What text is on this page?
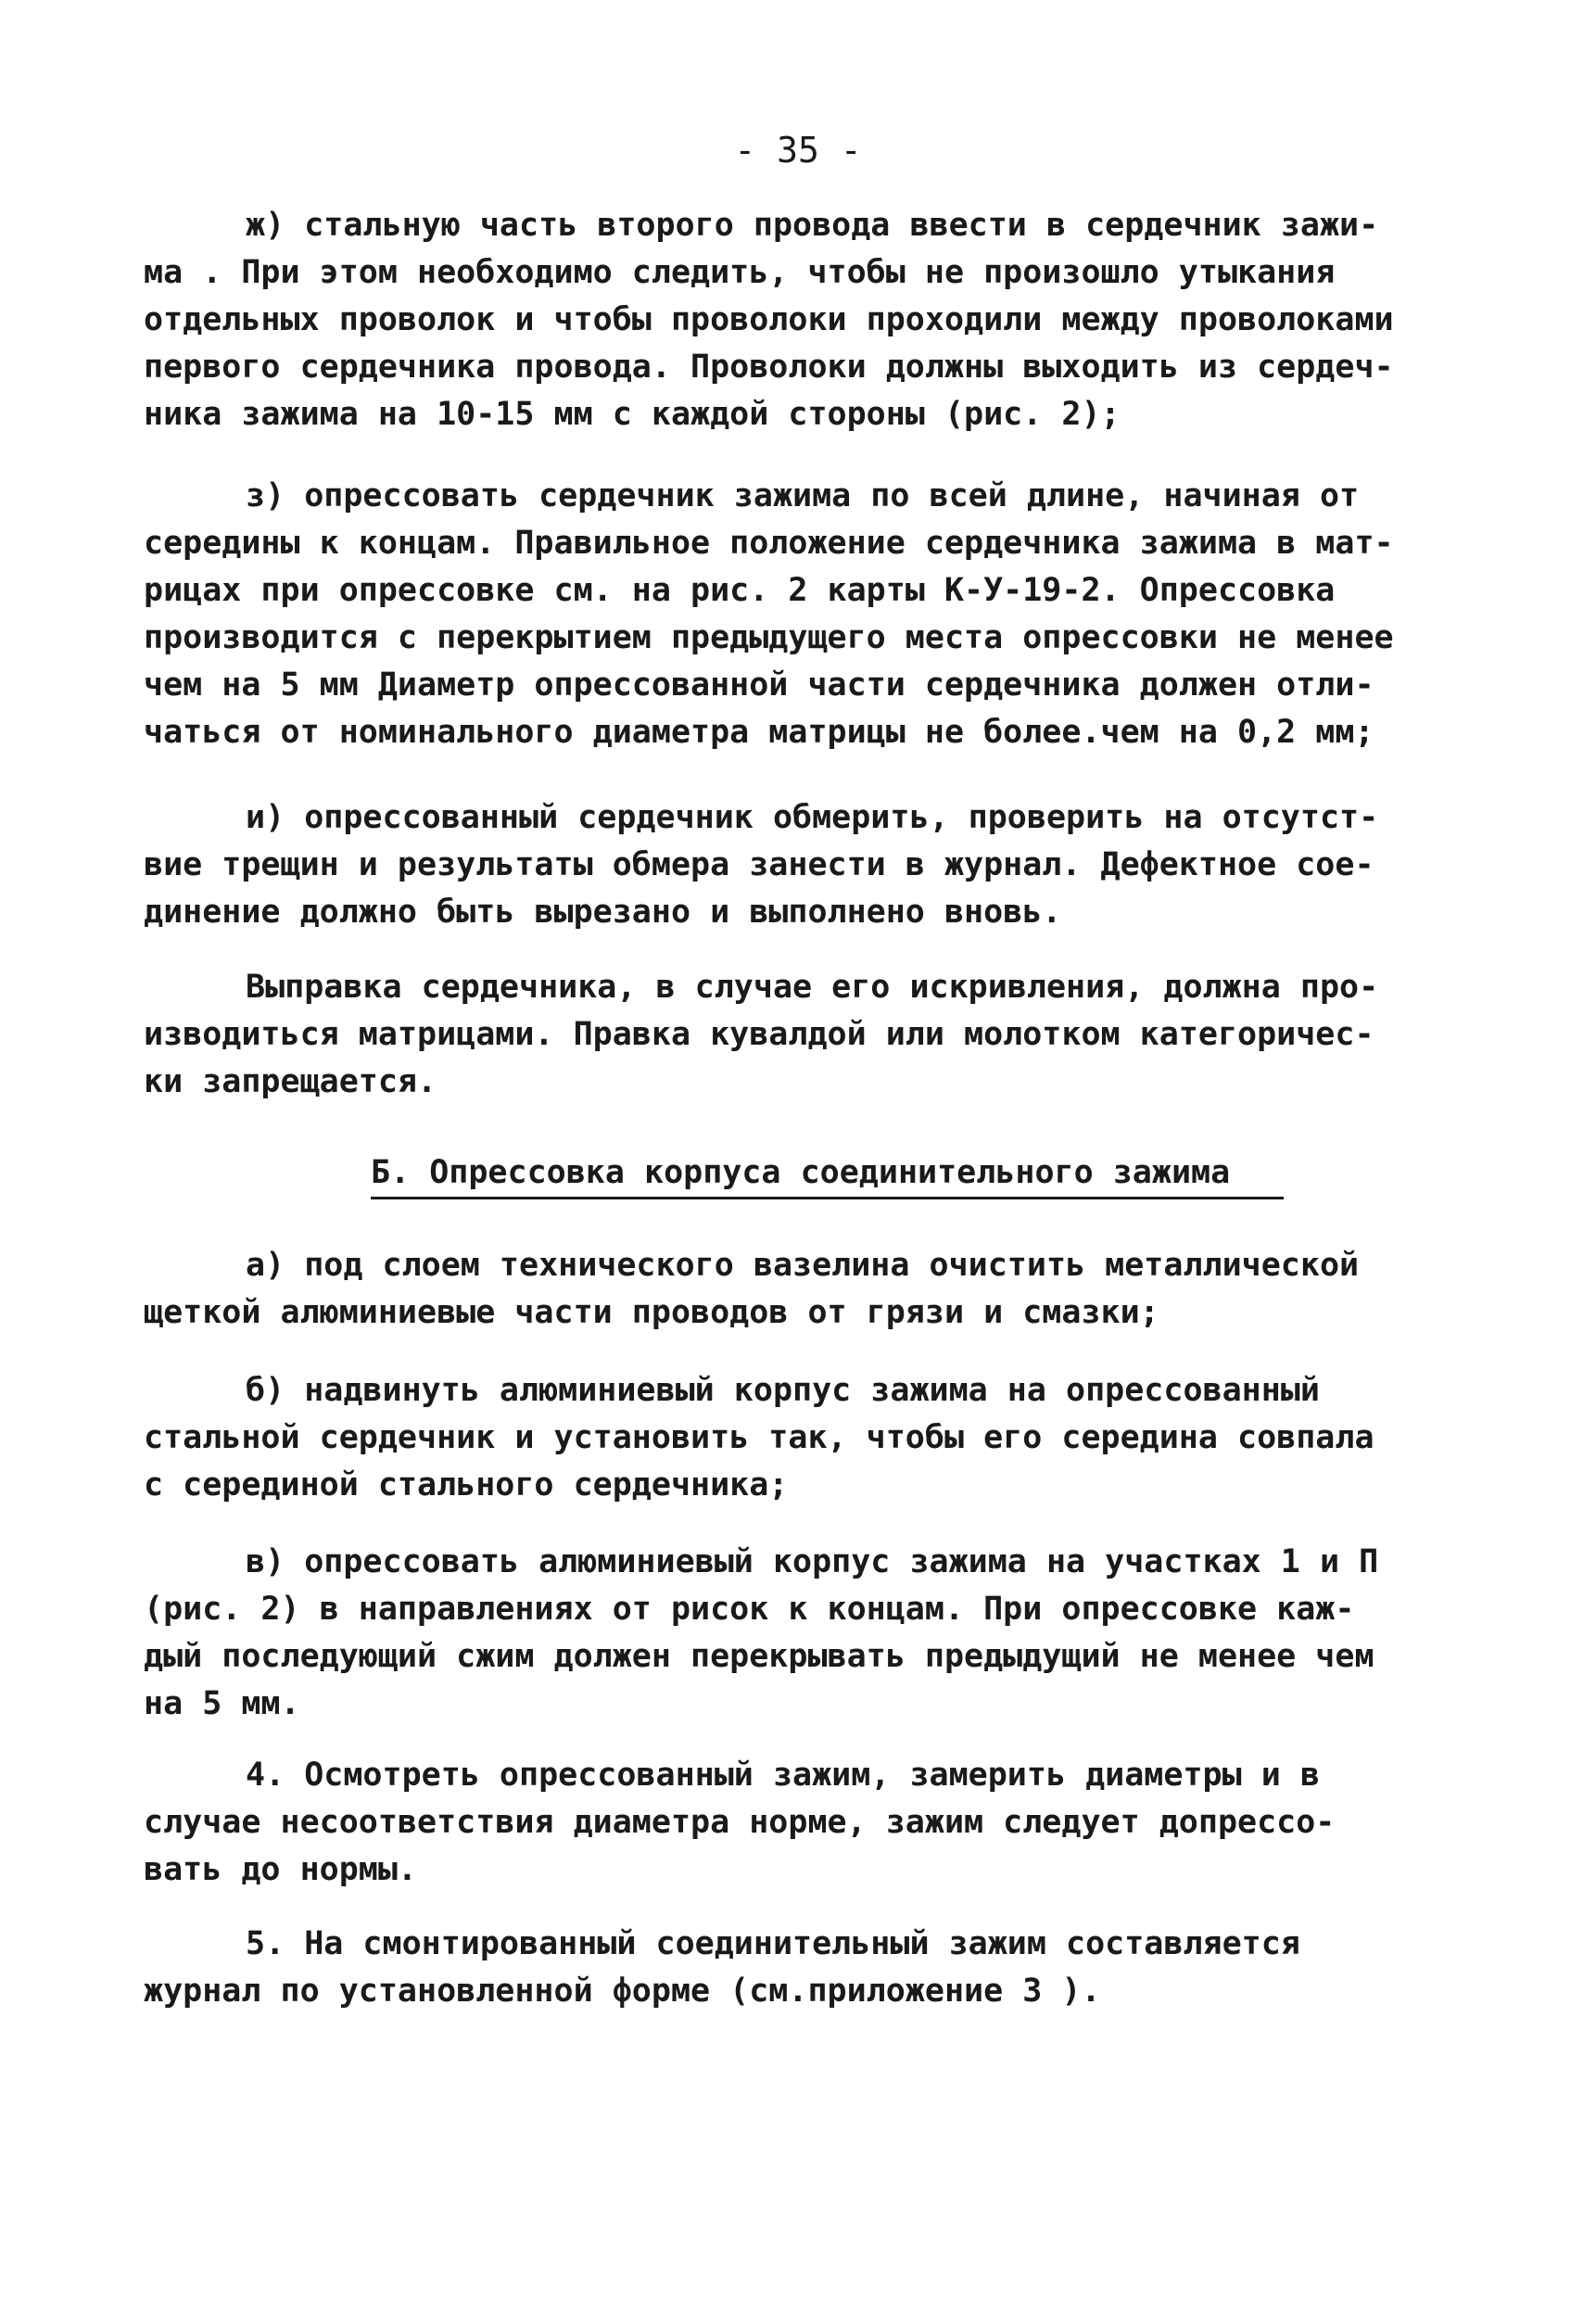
- 35 -
ж) стальную часть второго провода ввести в сердечник зажи-
ма . При этом необходимо следить, чтобы не произошло утыкания
отдельных проволок и чтобы проволоки проходили между проволоками
первого сердечника провода. Проволоки должны выходить из сердеч-
ника зажима на 10-15 мм с каждой стороны (рис. 2);
з) опрессовать сердечник зажима по всей длине, начиная от
середины к концам. Правильное положение сердечника зажима в мат-
рицах при опрессовке см. на рис. 2 карты К-У-19-2. Опрессовка
производится с перекрытием предыдущего места опрессовки не менее
чем на 5 мм Диаметр опрессованной части сердечника должен отли-
чаться от номинального диаметра матрицы не более.чем на 0,2 мм;
и) опрессованный сердечник обмерить, проверить на отсутст-
вие трещин и результаты обмера занести в журнал. Дефектное сое-
динение должно быть вырезано и выполнено вновь.
Выправка сердечника, в случае его искривления, должна про-
изводиться матрицами. Правка кувалдой или молотком категоричес-
ки запрещается.
Б. Опрессовка корпуса соединительного зажима
а) под слоем технического вазелина очистить металлической
щеткой алюминиевые части проводов от грязи и смазки;
б) надвинуть алюминиевый корпус зажима на опрессованный
стальной сердечник и установить так, чтобы его середина совпала
с серединой стального сердечника;
в) опрессовать алюминиевый корпус зажима на участках 1 и П
(рис. 2) в направлениях от рисок к концам. При опрессовке каж-
дый последующий сжим должен перекрывать предыдущий не менее чем
на 5 мм.
4. Осмотреть опрессованный зажим, замерить диаметры и в
случае несоответствия диаметра норме, зажим следует допрессо-
вать до нормы.
5. На смонтированный соединительный зажим составляется
журнал по установленной форме (см.приложение 3 ).
